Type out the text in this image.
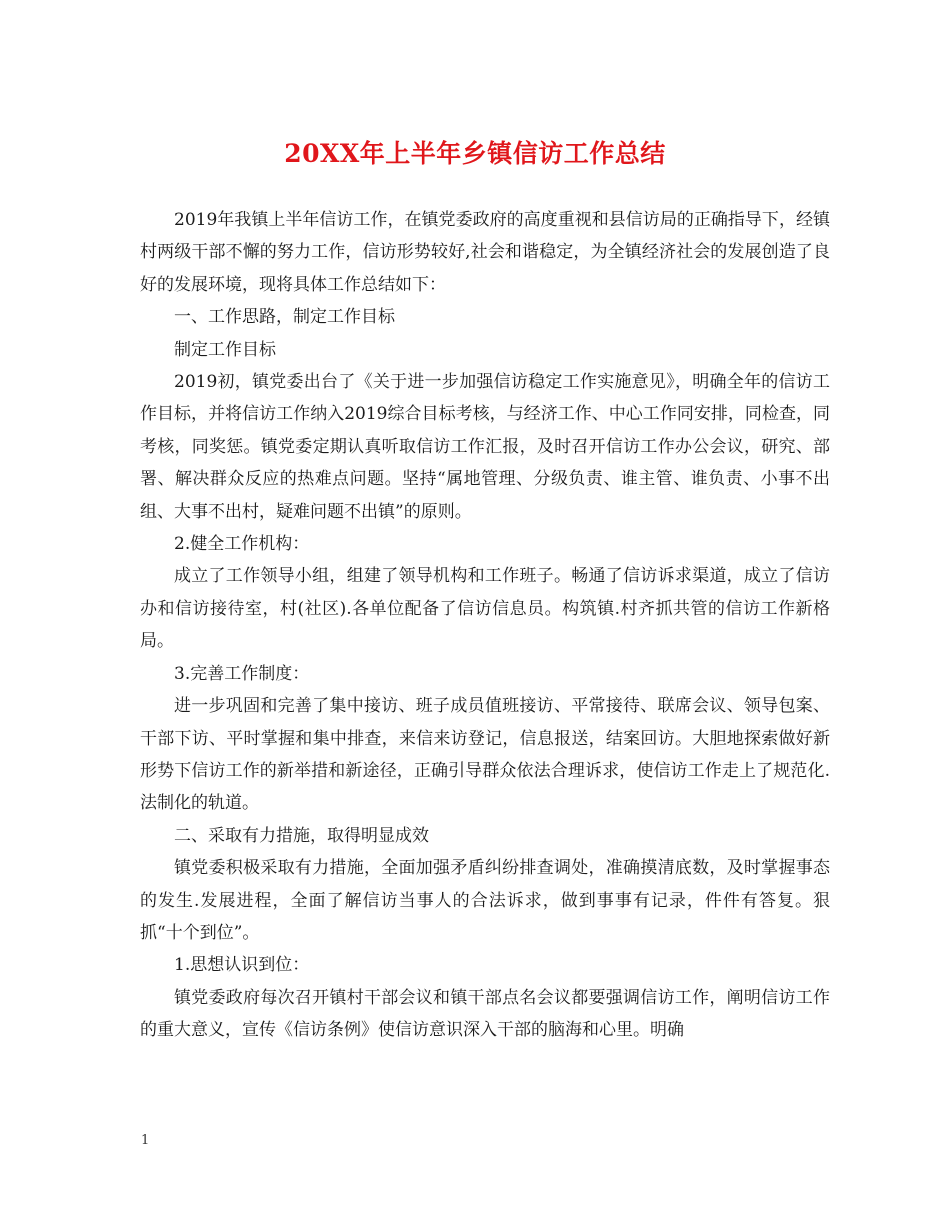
20XX年上半年乡镇信访工作总结

2019年我镇上半年信访工作，在镇党委政府的高度重视和县信访局的正确指导下，经镇村两级干部不懈的努力工作，信访形势较好,社会和谐稳定，为全镇经济社会的发展创造了良好的发展环境，现将具体工作总结如下：

一、工作思路，制定工作目标

制定工作目标

2019初，镇党委出台了《关于进一步加强信访稳定工作实施意见》，明确全年的信访工作目标，并将信访工作纳入2019综合目标考核，与经济工作、中心工作同安排，同检查，同考核，同奖惩。镇党委定期认真听取信访工作汇报，及时召开信访工作办公会议，研究、部署、解决群众反应的热难点问题。坚持“属地管理、分级负责、谁主管、谁负责、小事不出组、大事不出村，疑难问题不出镇”的原则。

2.健全工作机构：

成立了工作领导小组，组建了领导机构和工作班子。畅通了信访诉求渠道，成立了信访办和信访接待室，村(社区).各单位配备了信访信息员。构筑镇.村齐抓共管的信访工作新格局。

3.完善工作制度：

进一步巩固和完善了集中接访、班子成员值班接访、平常接待、联席会议、领导包案、干部下访、平时掌握和集中排查，来信来访登记，信息报送，结案回访。大胆地探索做好新形势下信访工作的新举措和新途径，正确引导群众依法合理诉求，使信访工作走上了规范化.法制化的轨道。

二、采取有力措施，取得明显成效

镇党委积极采取有力措施，全面加强矛盾纠纷排查调处，准确摸清底数，及时掌握事态的发生.发展进程，全面了解信访当事人的合法诉求，做到事事有记录，件件有答复。狠抓“十个到位”。

1.思想认识到位：

镇党委政府每次召开镇村干部会议和镇干部点名会议都要强调信访工作，阐明信访工作的重大意义，宣传《信访条例》使信访意识深入干部的脑海和心里。明确

1
